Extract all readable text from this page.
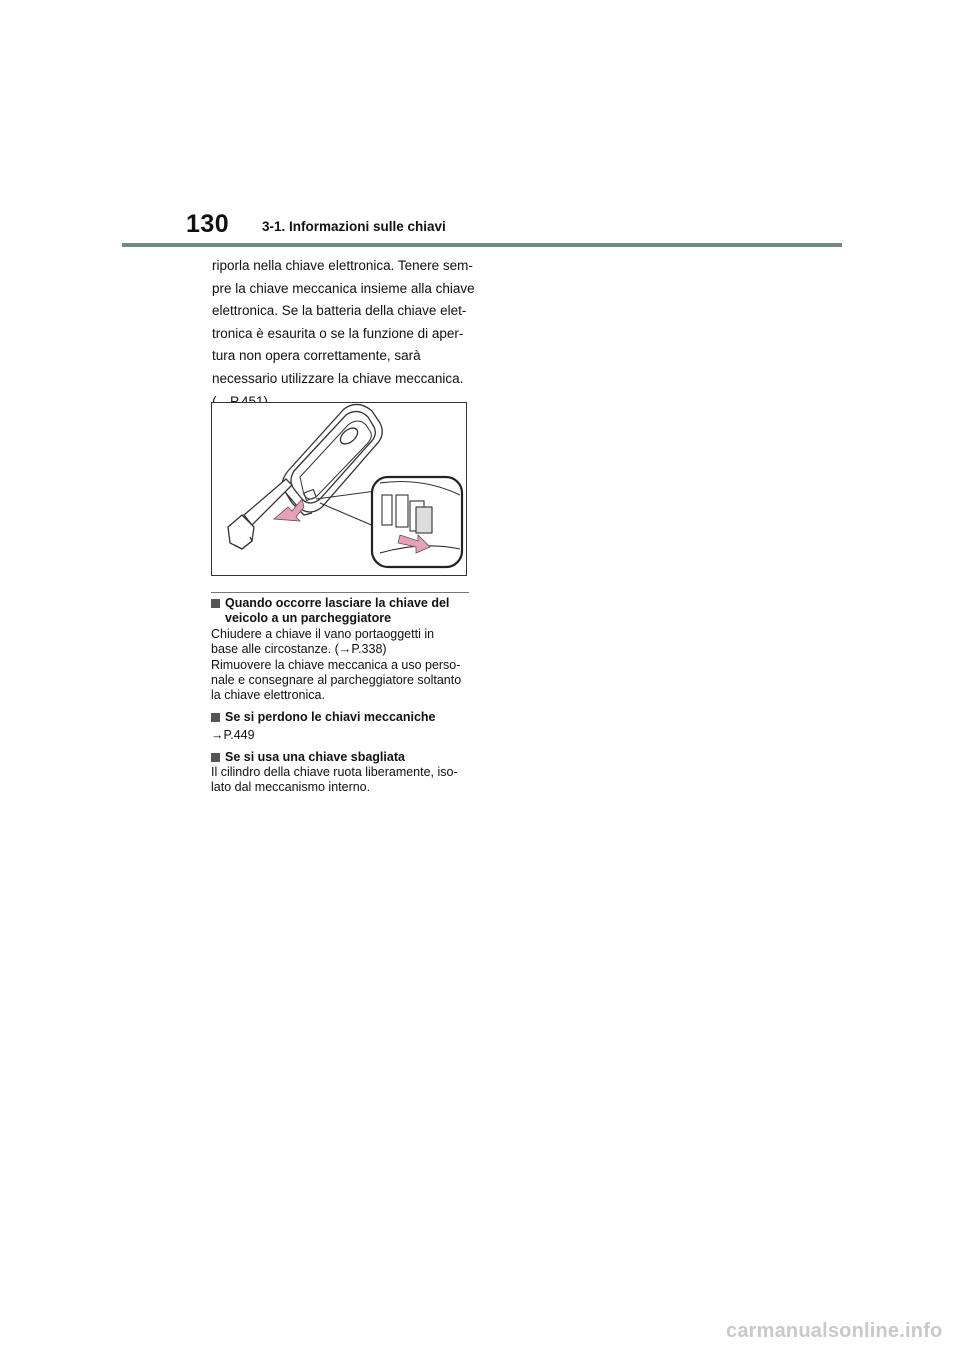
130 3-1. Informazioni sulle chiavi
riporla nella chiave elettronica. Tenere sem-
pre la chiave meccanica insieme alla chiave
elettronica. Se la batteria della chiave elet-
tronica è esaurita o se la funzione di aper-
tura non opera correttamente, sarà
necessario utilizzare la chiave meccanica.
Quando occorre lasciare la chiave del
veicolo a un parcheggiatore
Chiudere a chiave il vano portaoggetti in
base alle circostanze. (→P.338)
Rimuovere la chiave meccanica a uso perso-
nale e consegnare al parcheggiatore soltanto
la chiave elettronica.
Se si perdono le chiavi meccaniche
→P.449
Se si usa una chiave sbagliata
Il cilindro della chiave ruota liberamente, iso-
lato dal meccanismo interno.
carmanualsonline.info
